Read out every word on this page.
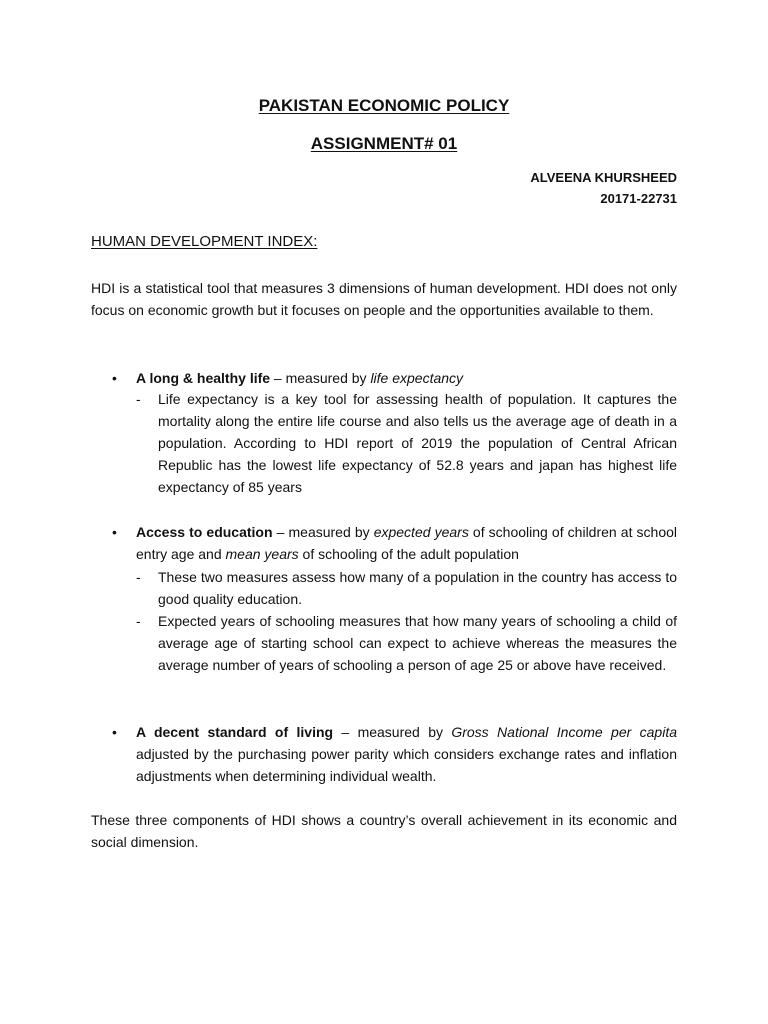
PAKISTAN ECONOMIC POLICY
ASSIGNMENT# 01
ALVEENA KHURSHEED
20171-22731
HUMAN DEVELOPMENT INDEX:
HDI is a statistical tool that measures 3 dimensions of human development. HDI does not only focus on economic growth but it focuses on people and the opportunities available to them.
• A long & healthy life – measured by life expectancy
- Life expectancy is a key tool for assessing health of population. It captures the mortality along the entire life course and also tells us the average age of death in a population. According to HDI report of 2019 the population of Central African Republic has the lowest life expectancy of 52.8 years and japan has highest life expectancy of 85 years
• Access to education – measured by expected years of schooling of children at school entry age and mean years of schooling of the adult population
- These two measures assess how many of a population in the country has access to good quality education.
- Expected years of schooling measures that how many years of schooling a child of average age of starting school can expect to achieve whereas the measures the average number of years of schooling a person of age 25 or above have received.
• A decent standard of living – measured by Gross National Income per capita adjusted by the purchasing power parity which considers exchange rates and inflation adjustments when determining individual wealth.
These three components of HDI shows a country’s overall achievement in its economic and social dimension.
